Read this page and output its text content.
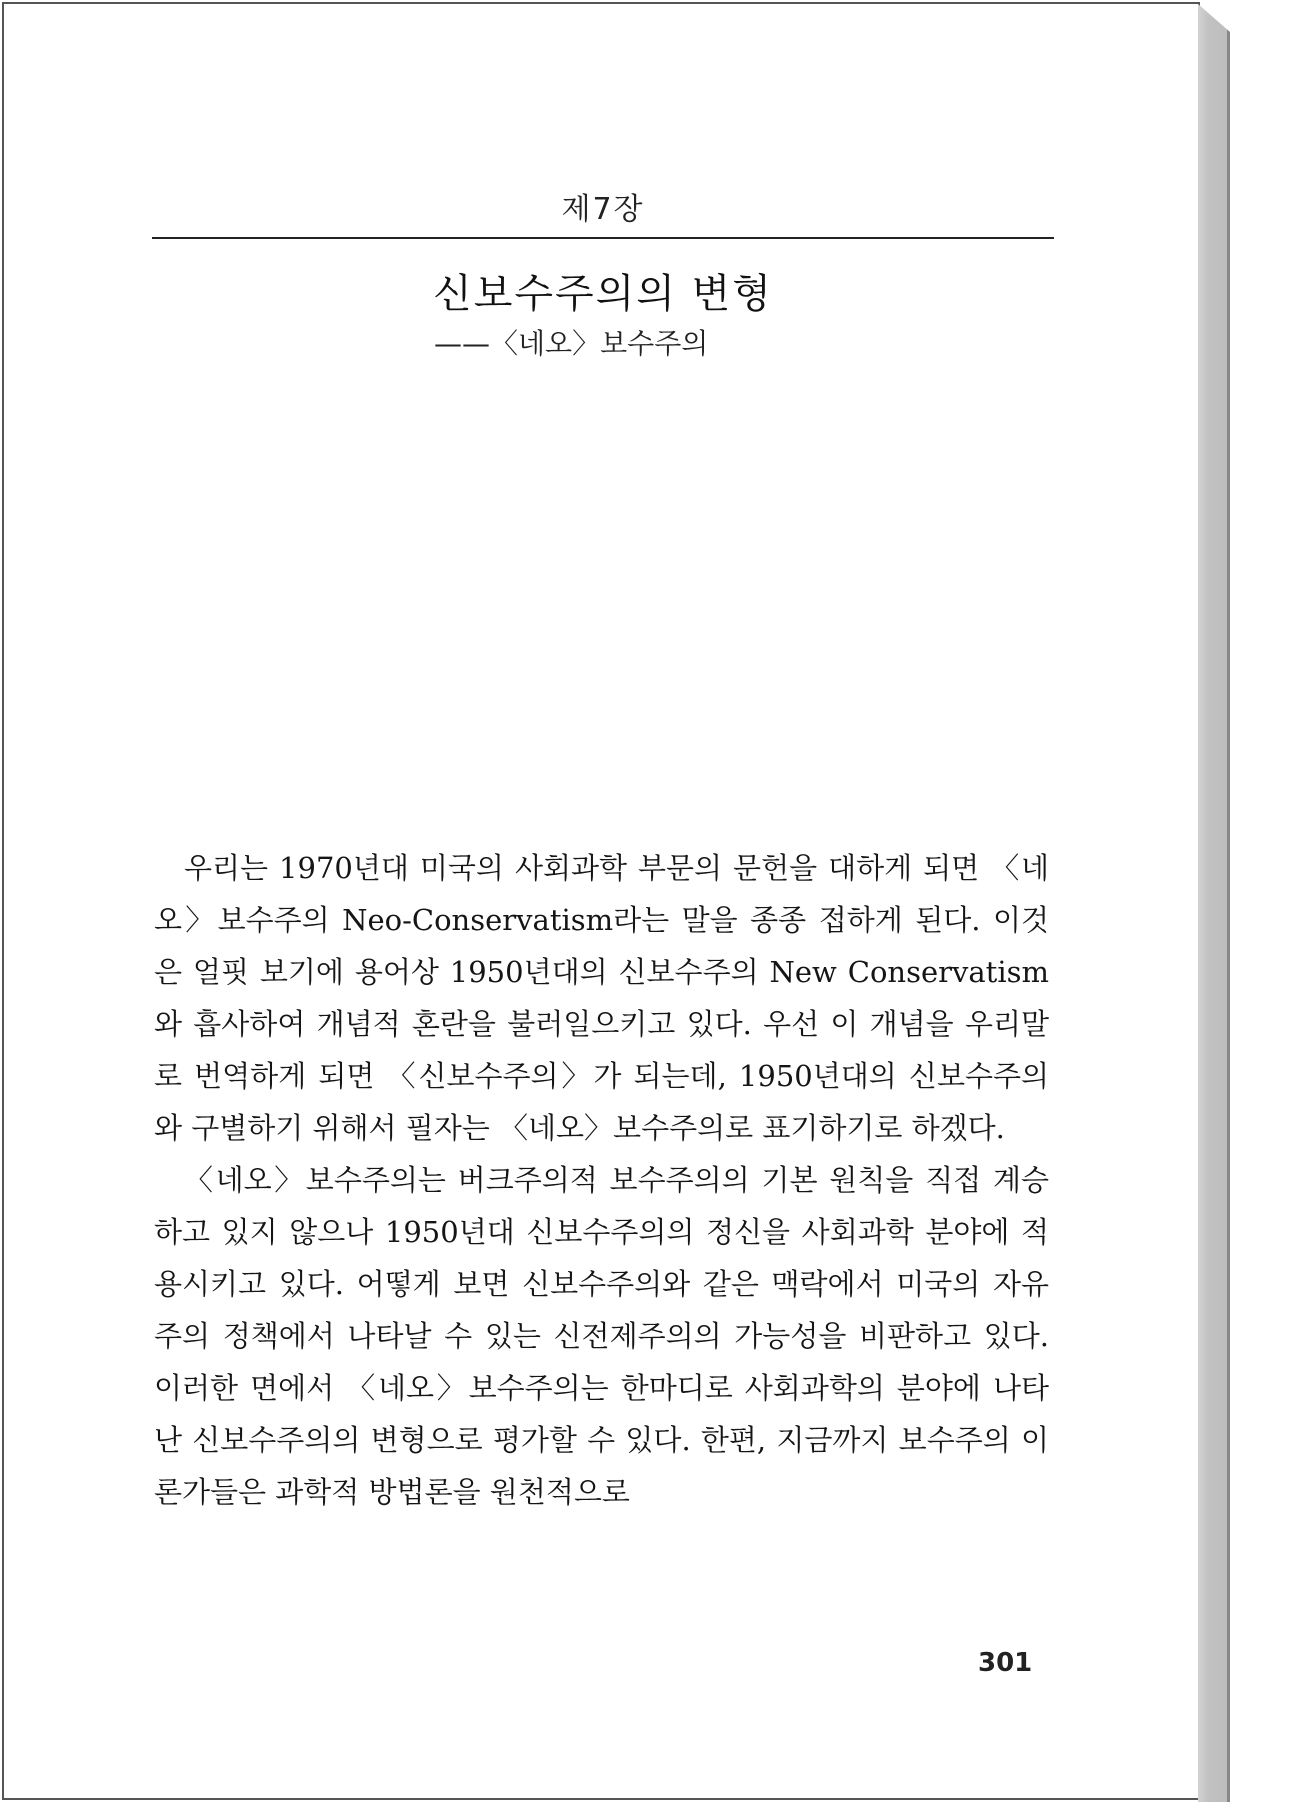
제7장
신보수주의의 변형
——〈네오〉보수주의

우리는 1970년대 미국의 사회과학 부문의 문헌을 대하게 되면 〈네오〉보수주의 Neo-Conservatism라는 말을 종종 접하게 된다. 이것은 얼핏 보기에 용어상 1950년대의 신보수주의 New Conservatism와 흡사하여 개념적 혼란을 불러일으키고 있다. 우선 이 개념을 우리말로 번역하게 되면 〈신보수주의〉가 되는데, 1950년대의 신보수주의와 구별하기 위해서 필자는 〈네오〉보수주의로 표기하기로 하겠다.

〈네오〉보수주의는 버크주의적 보수주의의 기본 원칙을 직접 계승하고 있지 않으나 1950년대 신보수주의의 정신을 사회과학 분야에 적용시키고 있다. 어떻게 보면 신보수주의와 같은 맥락에서 미국의 자유주의 정책에서 나타날 수 있는 신전제주의의 가능성을 비판하고 있다. 이러한 면에서 〈네오〉보수주의는 한마디로 사회과학의 분야에 나타난 신보수주의의 변형으로 평가할 수 있다. 한편, 지금까지 보수주의 이론가들은 과학적 방법론을 원천적으로

301
